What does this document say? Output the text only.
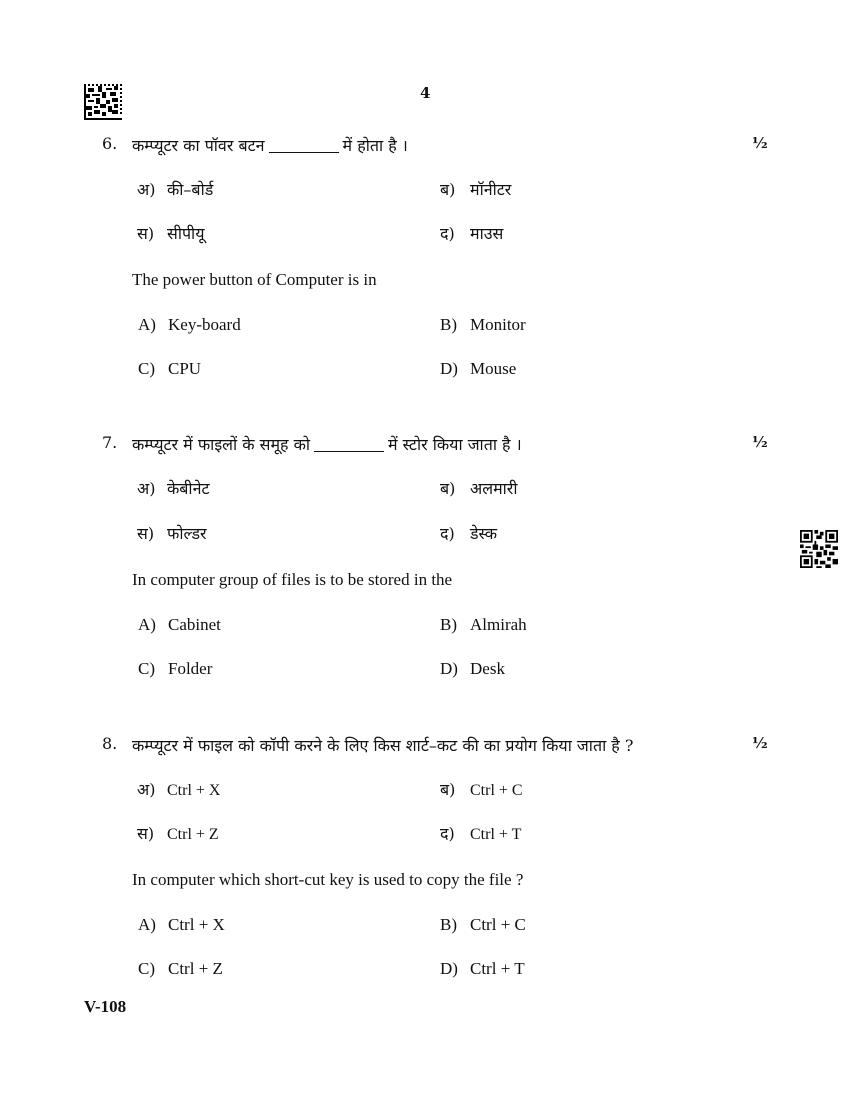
4
6. कम्प्यूटर का पॉवर बटन	में होता है ।	½
अ) की–बोर्ड	ब) मॉनीटर
स) सीपीयू	द) माउस
The power button of Computer is in
A) Key-board	B) Monitor
C) CPU	D) Mouse
7. कम्प्यूटर में फाइलों के समूह को	में स्टोर किया जाता है ।	½
अ) केबीनेट	ब) अलमारी
स) फोल्डर	द) डेस्क
In computer group of files is to be stored in the
A) Cabinet	B) Almirah
C) Folder	D) Desk
8. कम्प्यूटर में फाइल को कॉपी करने के लिए किस शार्ट–कट की का प्रयोग किया जाता है ?	½
अ) Ctrl + X	ब) Ctrl + C
स) Ctrl + Z	द) Ctrl + T
In computer which short-cut key is used to copy the file ?
A) Ctrl + X	B) Ctrl + C
C) Ctrl + Z	D) Ctrl + T
V-108
